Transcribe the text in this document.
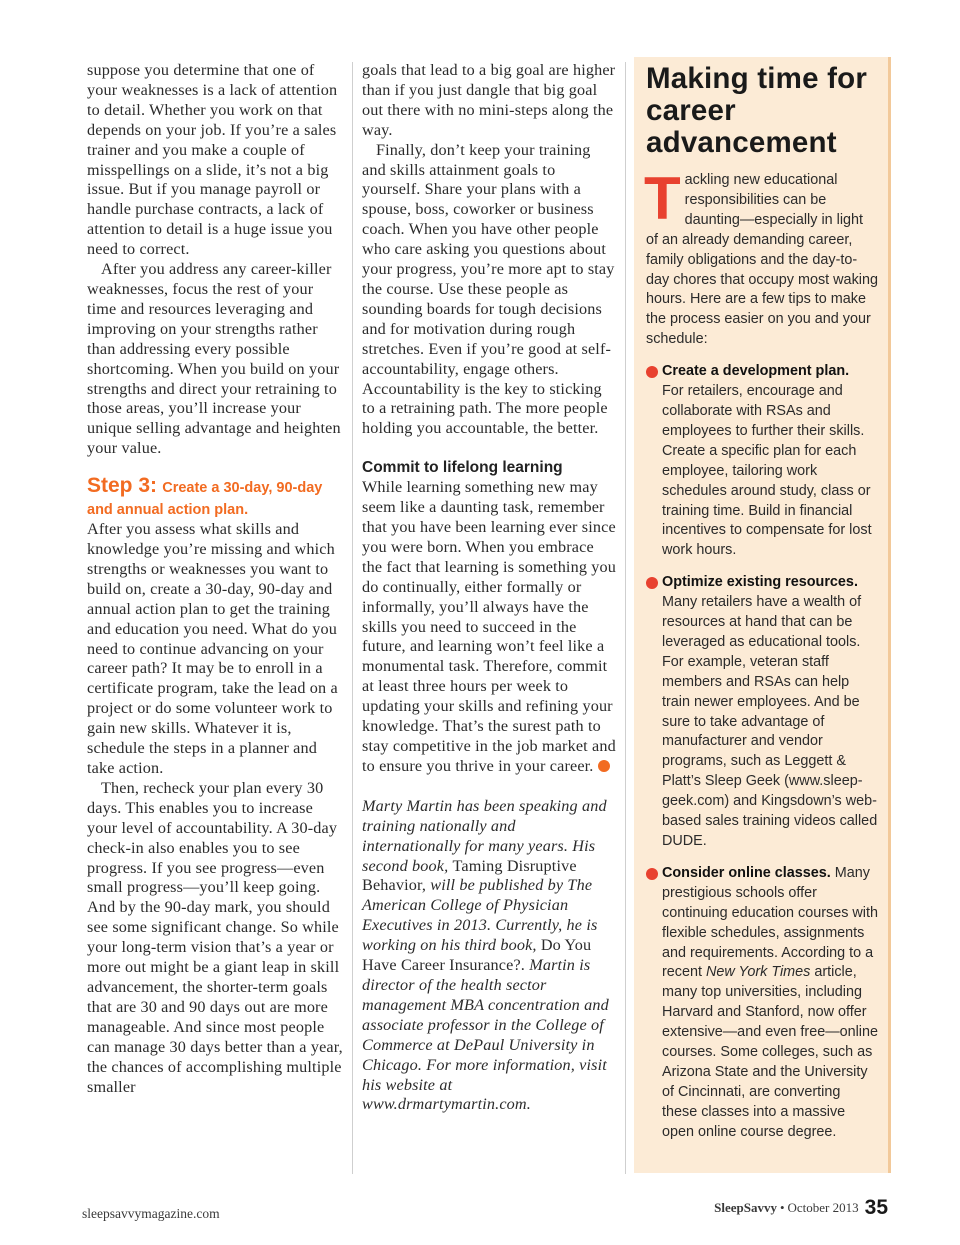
suppose you determine that one of your weaknesses is a lack of attention to detail. Whether you work on that depends on your job. If you’re a sales trainer and you make a couple of misspellings on a slide, it’s not a big issue. But if you manage payroll or handle purchase contracts, a lack of attention to detail is a huge issue you need to correct.

After you address any career-killer weaknesses, focus the rest of your time and resources leveraging and improving on your strengths rather than addressing every possible shortcoming. When you build on your strengths and direct your retraining to those areas, you’ll increase your unique selling advantage and heighten your value.

Step 3: Create a 30-day, 90-day and annual action plan.

After you assess what skills and knowledge you’re missing and which strengths or weaknesses you want to build on, create a 30-day, 90-day and annual action plan to get the training and education you need. What do you need to continue advancing on your career path? It may be to enroll in a certificate program, take the lead on a project or do some volunteer work to gain new skills. Whatever it is, schedule the steps in a planner and take action.

Then, recheck your plan every 30 days. This enables you to increase your level of accountability. A 30-day check-in also enables you to see progress. If you see progress—even small progress—you’ll keep going. And by the 90-day mark, you should see some significant change. So while your long-term vision that’s a year or more out might be a giant leap in skill advancement, the shorter-term goals that are 30 and 90 days out are more manageable. And since most people can manage 30 days better than a year, the chances of accomplishing multiple smaller

goals that lead to a big goal are higher than if you just dangle that big goal out there with no mini-steps along the way.

Finally, don’t keep your training and skills attainment goals to yourself. Share your plans with a spouse, boss, coworker or business coach. When you have other people who care asking you questions about your progress, you’re more apt to stay the course. Use these people as sounding boards for tough decisions and for motivation during rough stretches. Even if you’re good at self-accountability, engage others. Accountability is the key to sticking to a retraining path. The more people holding you accountable, the better.

Commit to lifelong learning

While learning something new may seem like a daunting task, remember that you have been learning ever since you were born. When you embrace the fact that learning is something you do continually, either formally or informally, you’ll always have the skills you need to succeed in the future, and learning won’t feel like a monumental task. Therefore, commit at least three hours per week to updating your skills and refining your knowledge. That’s the surest path to stay competitive in the job market and to ensure you thrive in your career.

Marty Martin has been speaking and training nationally and internationally for many years. His second book, Taming Disruptive Behavior, will be published by The American College of Physician Executives in 2013. Currently, he is working on his third book, Do You Have Career Insurance?. Martin is director of the health sector management MBA concentration and associate professor in the College of Commerce at DePaul University in Chicago. For more information, visit his website at www.drmartymartin.com.

Making time for career advancement

Tackling new educational responsibilities can be daunting—especially in light of an already demanding career, family obligations and the day-to-day chores that occupy most waking hours. Here are a few tips to make the process easier on you and your schedule:

Create a development plan.
For retailers, encourage and collaborate with RSAs and employees to further their skills. Create a specific plan for each employee, tailoring work schedules around study, class or training time. Build in financial incentives to compensate for lost work hours.
Optimize existing resources.
Many retailers have a wealth of resources at hand that can be leveraged as educational tools. For example, veteran staff members and RSAs can help train newer employees. And be sure to take advantage of manufacturer and vendor programs, such as Leggett & Platt’s Sleep Geek (www.sleep-geek.com) and Kingsdown’s web-based sales training videos called DUDE.
Consider online classes. Many prestigious schools offer continuing education courses with flexible schedules, assignments and requirements. According to a recent New York Times article, many top universities, including Harvard and Stanford, now offer extensive—and even free—online courses. Some colleges, such as Arizona State and the University of Cincinnati, are converting these classes into a massive open online course degree.
sleepsavvymagazine.com	SleepSavvy • October 2013 35
